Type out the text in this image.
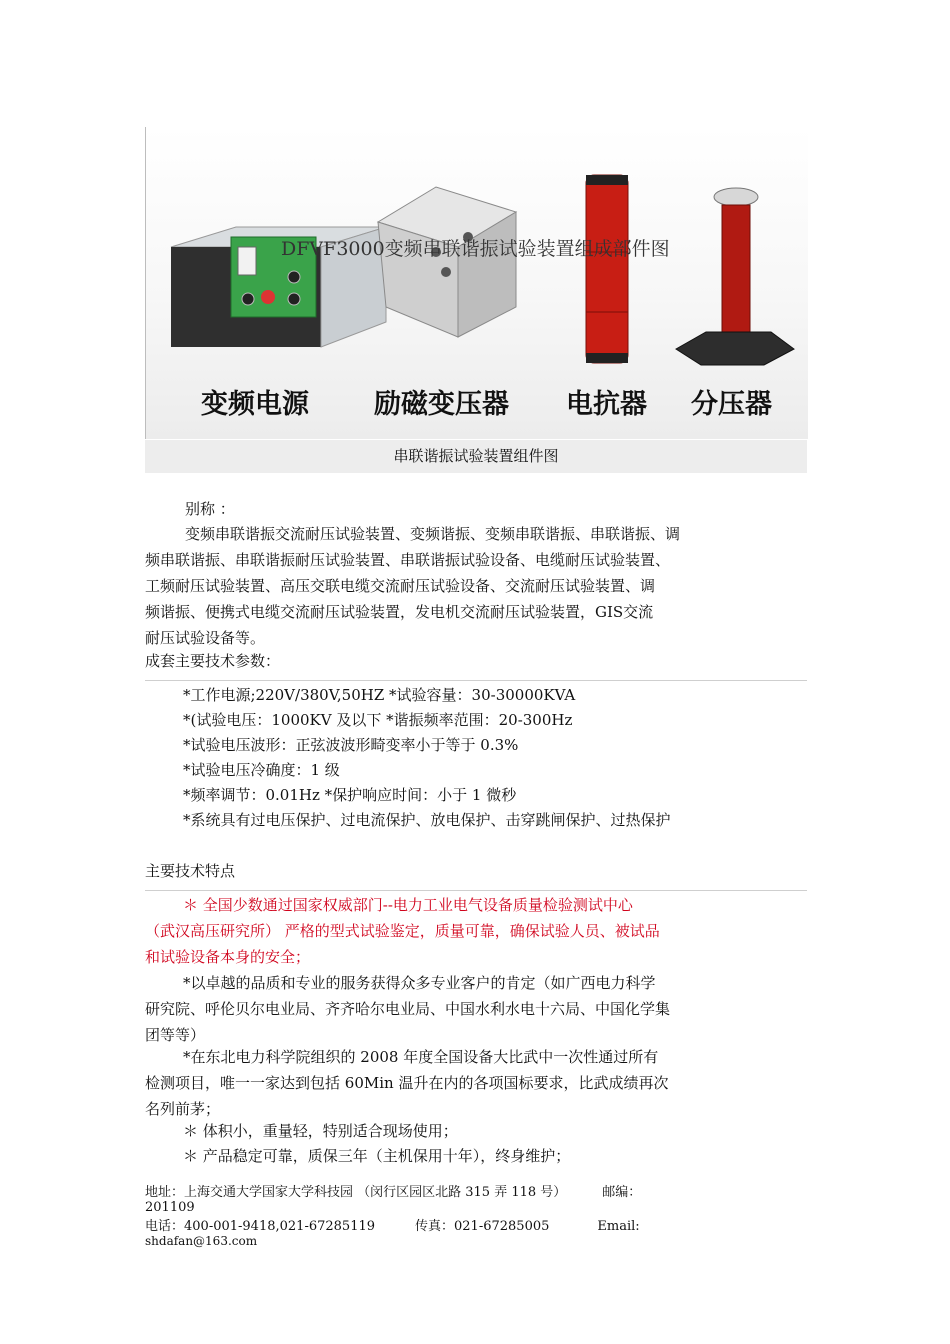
DFVF3000变频串联谐振试验装置组成部件图
变频电源 励磁变压器 电抗器 分压器
串联谐振试验装置组件图
别称 ：
变频串联谐振交流耐压试验装置、变频谐振、变频串联谐振、串联谐振、调
频串联谐振、串联谐振耐压试验装置、串联谐振试验设备、电缆耐压试验装置、
工频耐压试验装置、高压交联电缆交流耐压试验设备、交流耐压试验装置、调
频谐振、便携式电缆交流耐压试验装置，发电机交流耐压试验装置，GIS交流
耐压试验设备等。
成套主要技术参数：
*工作电源;220V/380V,50HZ *试验容量：30-30000KVA
*(试验电压：1000KV 及以下 *谐振频率范围：20-300Hz
*试验电压波形：正弦波波形畸变率小于等于 0.3%
*试验电压冷确度：1 级
*频率调节：0.01Hz *保护响应时间：小于 1 微秒
*系统具有过电压保护、过电流保护、放电保护、击穿跳闸保护、过热保护
主要技术特点
＊ 全国少数通过国家权威部门--电力工业电气设备质量检验测试中心
（武汉高压研究所） 严格的型式试验鉴定，质量可靠，确保试验人员、被试品
和试验设备本身的安全；
*以卓越的品质和专业的服务获得众多专业客户的肯定（如广西电力科学
研究院、呼伦贝尔电业局、齐齐哈尔电业局、中国水利水电十六局、中国化学集
团等等）
*在东北电力科学院组织的 2008 年度全国设备大比武中一次性通过所有
检测项目，唯一一家达到包括 60Min 温升在内的各项国标要求，比武成绩再次
名列前茅；
＊ 体积小，重量轻，特别适合现场使用；
＊ 产品稳定可靠，质保三年（主机保用十年），终身维护；
地址：上海交通大学国家大学科技园 （闵行区园区北路 315 弄 118 号）	邮编：
201109
电话：400-001-9418,021-67285119	传真：021-67285005	Email:
shdafan@163.com
